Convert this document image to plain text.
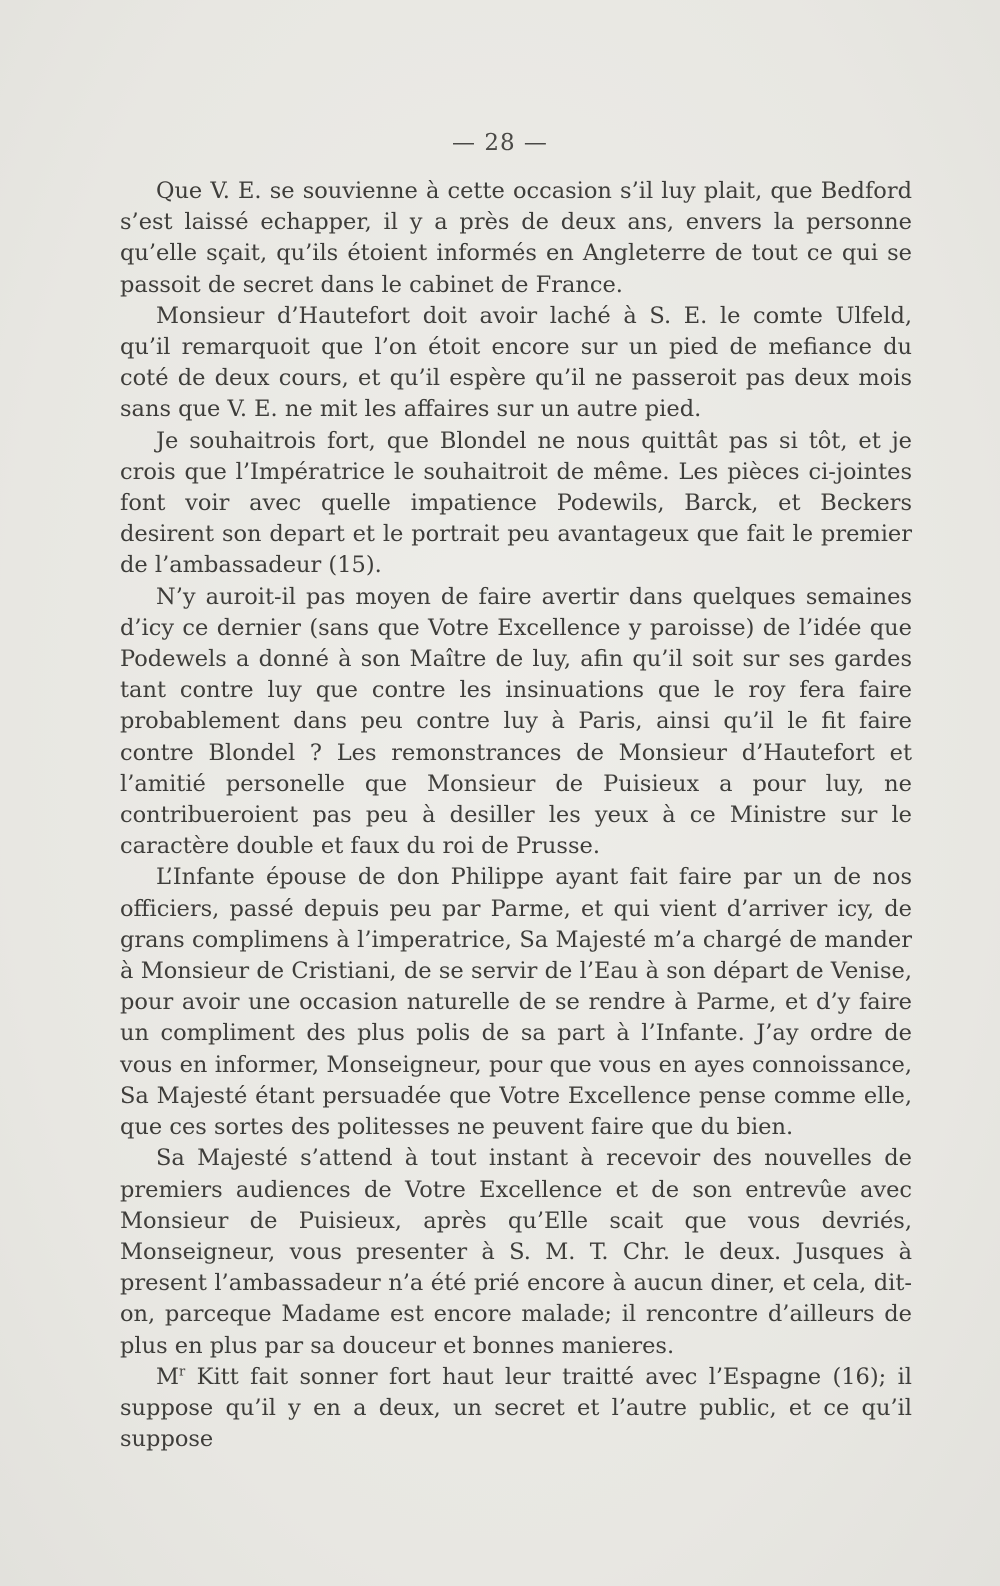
— 28 —

Que V. E. se souvienne à cette occasion s’il luy plait, que Bedford s’est laissé echapper, il y a près de deux ans, envers la personne qu’elle sçait, qu’ils étoient informés en Angleterre de tout ce qui se passoit de secret dans le cabinet de France.

Monsieur d’Hautefort doit avoir laché à S. E. le comte Ulfeld, qu’il remarquoit que l’on étoit encore sur un pied de mefiance du coté de deux cours, et qu’il espère qu’il ne passeroit pas deux mois sans que V. E. ne mit les affaires sur un autre pied.

Je souhaitrois fort, que Blondel ne nous quittât pas si tôt, et je crois que l’Impératrice le souhaitroit de même. Les pièces ci-jointes font voir avec quelle impatience Podewils, Barck, et Beckers desirent son depart et le portrait peu avantageux que fait le premier de l’ambassadeur (15).

N’y auroit-il pas moyen de faire avertir dans quelques semaines d’icy ce dernier (sans que Votre Excellence y paroisse) de l’idée que Podewels a donné à son Maître de luy, afin qu’il soit sur ses gardes tant contre luy que contre les insinuations que le roy fera faire probablement dans peu contre luy à Paris, ainsi qu’il le fit faire contre Blondel ? Les remonstrances de Monsieur d’Hautefort et l’amitié personelle que Monsieur de Puisieux a pour luy, ne contribueroient pas peu à desiller les yeux à ce Ministre sur le caractère double et faux du roi de Prusse.

L’Infante épouse de don Philippe ayant fait faire par un de nos officiers, passé depuis peu par Parme, et qui vient d’arriver icy, de grans complimens à l’imperatrice, Sa Majesté m’a chargé de mander à Monsieur de Cristiani, de se servir de l’Eau à son départ de Venise, pour avoir une occasion naturelle de se rendre à Parme, et d’y faire un compliment des plus polis de sa part à l’Infante. J’ay ordre de vous en informer, Monseigneur, pour que vous en ayes connoissance, Sa Majesté étant persuadée que Votre Excellence pense comme elle, que ces sortes des politesses ne peuvent faire que du bien.

Sa Majesté s’attend à tout instant à recevoir des nouvelles de premiers audiences de Votre Excellence et de son entrevûe avec Monsieur de Puisieux, après qu’Elle scait que vous devriés, Monseigneur, vous presenter à S. M. T. Chr. le deux. Jusques à present l’ambassadeur n’a été prié encore à aucun diner, et cela, dit-on, parceque Madame est encore malade; il rencontre d’ailleurs de plus en plus par sa douceur et bonnes manieres.

$M^r$ Kitt fait sonner fort haut leur traitté avec l’Espagne (16); il suppose qu’il y en a deux, un secret et l’autre public, et ce qu’il suppose
